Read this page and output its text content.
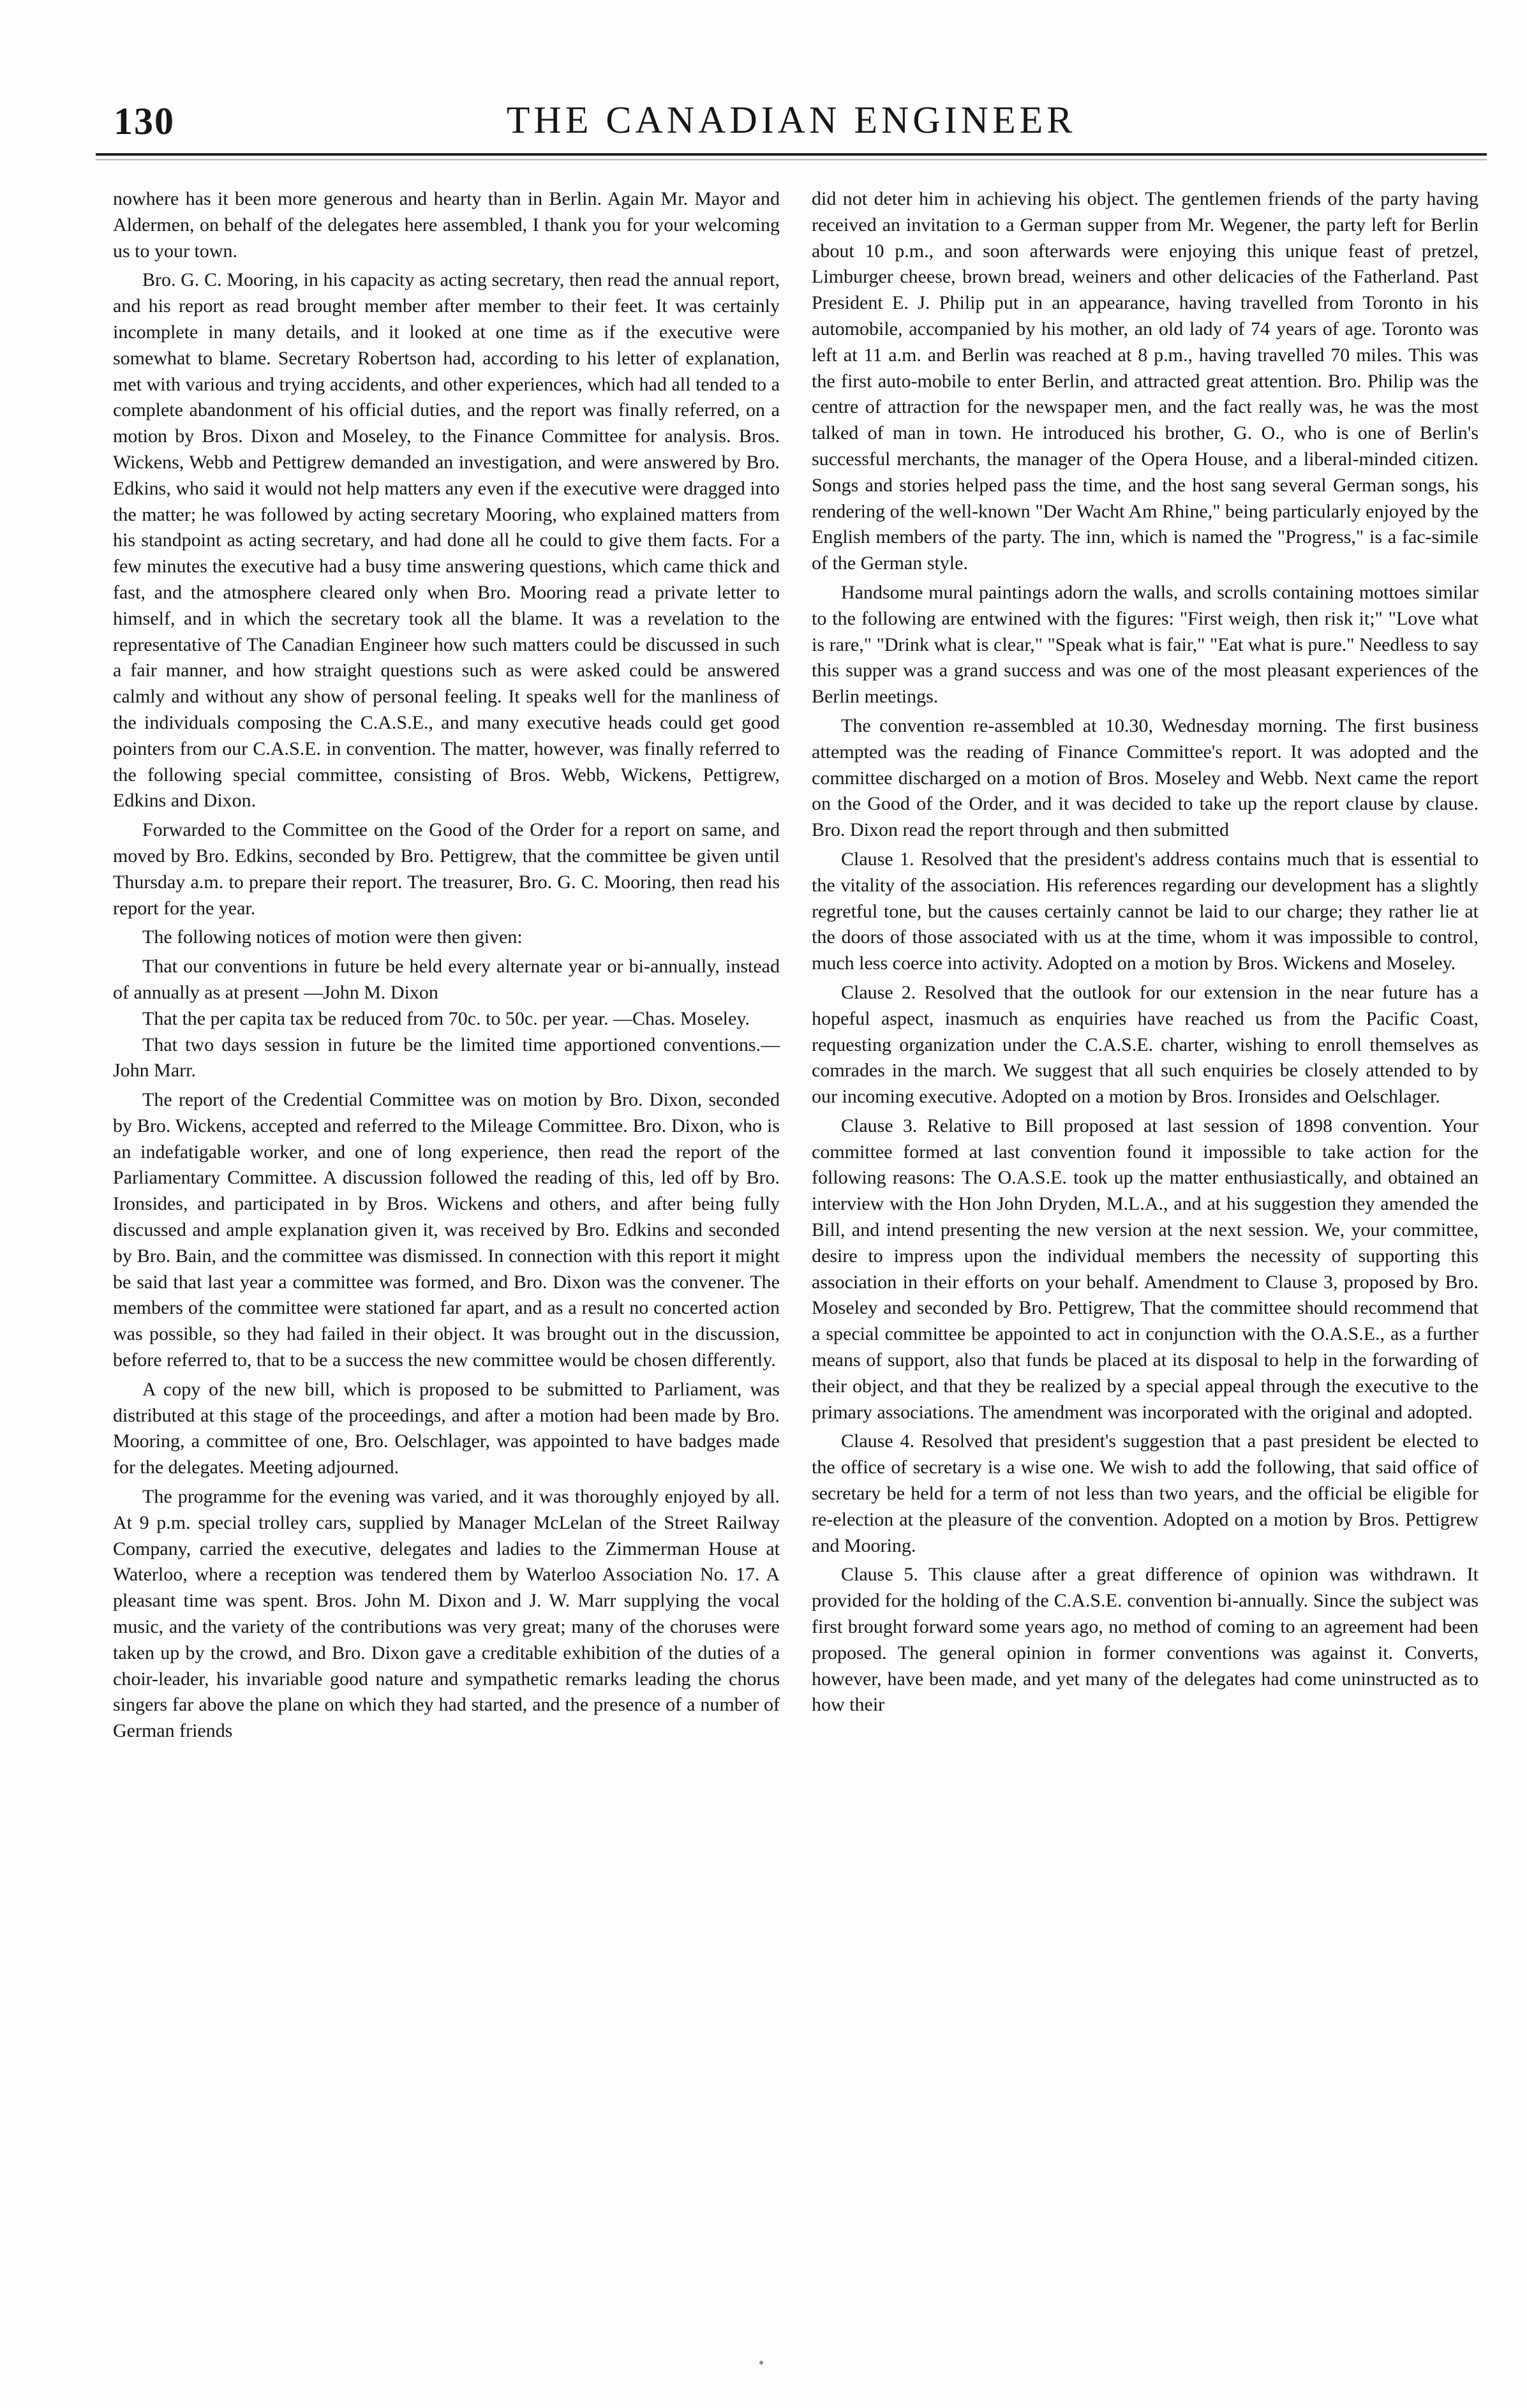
130	THE CANADIAN ENGINEER

nowhere has it been more generous and hearty than in Berlin. Again Mr. Mayor and Aldermen, on behalf of the delegates here assembled, I thank you for your welcoming us to your town.

Bro. G. C. Mooring, in his capacity as acting secretary, then read the annual report, and his report as read brought member after member to their feet. It was certainly incomplete in many details, and it looked at one time as if the executive were somewhat to blame. Secretary Robertson had, according to his letter of explanation, met with various and trying accidents, and other experiences, which had all tended to a complete abandonment of his official duties, and the report was finally referred, on a motion by Bros. Dixon and Moseley, to the Finance Committee for analysis. Bros. Wickens, Webb and Pettigrew demanded an investigation, and were answered by Bro. Edkins, who said it would not help matters any even if the executive were dragged into the matter; he was followed by acting secretary Mooring, who explained matters from his standpoint as acting secretary, and had done all he could to give them facts. For a few minutes the executive had a busy time answering questions, which came thick and fast, and the atmosphere cleared only when Bro. Mooring read a private letter to himself, and in which the secretary took all the blame. It was a revelation to the representative of The Canadian Engineer how such matters could be discussed in such a fair manner, and how straight questions such as were asked could be answered calmly and without any show of personal feeling. It speaks well for the manliness of the individuals composing the C.A.S.E., and many executive heads could get good pointers from our C.A.S.E. in convention. The matter, however, was finally referred to the following special committee, consisting of Bros. Webb, Wickens, Pettigrew, Edkins and Dixon.

Forwarded to the Committee on the Good of the Order for a report on same, and moved by Bro. Edkins, seconded by Bro. Pettigrew, that the committee be given until Thursday a.m. to prepare their report. The treasurer, Bro. G. C. Mooring, then read his report for the year.

The following notices of motion were then given:

That our conventions in future be held every alternate year or bi-annually, instead of annually as at present —John M. Dixon

That the per capita tax be reduced from 70c. to 50c. per year. —Chas. Moseley.

That two days session in future be the limited time apportioned conventions.—John Marr.

The report of the Credential Committee was on motion by Bro. Dixon, seconded by Bro. Wickens, accepted and referred to the Mileage Committee. Bro. Dixon, who is an indefatigable worker, and one of long experience, then read the report of the Parliamentary Committee. A discussion followed the reading of this, led off by Bro. Ironsides, and participated in by Bros. Wickens and others, and after being fully discussed and ample explanation given it, was received by Bro. Edkins and seconded by Bro. Bain, and the committee was dismissed. In connection with this report it might be said that last year a committee was formed, and Bro. Dixon was the convener. The members of the committee were stationed far apart, and as a result no concerted action was possible, so they had failed in their object. It was brought out in the discussion, before referred to, that to be a success the new committee would be chosen differently.

A copy of the new bill, which is proposed to be submitted to Parliament, was distributed at this stage of the proceedings, and after a motion had been made by Bro. Mooring, a committee of one, Bro. Oelschlager, was appointed to have badges made for the delegates. Meeting adjourned.

The programme for the evening was varied, and it was thoroughly enjoyed by all. At 9 p.m. special trolley cars, supplied by Manager McLelan of the Street Railway Company, carried the executive, delegates and ladies to the Zimmerman House at Waterloo, where a reception was tendered them by Waterloo Association No. 17. A pleasant time was spent. Bros. John M. Dixon and J. W. Marr supplying the vocal music, and the variety of the contributions was very great; many of the choruses were taken up by the crowd, and Bro. Dixon gave a creditable exhibition of the duties of a choir-leader, his invariable good nature and sympathetic remarks leading the chorus singers far above the plane on which they had started, and the presence of a number of German friends

did not deter him in achieving his object. The gentlemen friends of the party having received an invitation to a German supper from Mr. Wegener, the party left for Berlin about 10 p.m., and soon afterwards were enjoying this unique feast of pretzel, Limburger cheese, brown bread, weiners and other delicacies of the Fatherland. Past President E. J. Philip put in an appearance, having travelled from Toronto in his automobile, accompanied by his mother, an old lady of 74 years of age. Toronto was left at 11 a.m. and Berlin was reached at 8 p.m., having travelled 70 miles. This was the first auto-mobile to enter Berlin, and attracted great attention. Bro. Philip was the centre of attraction for the newspaper men, and the fact really was, he was the most talked of man in town. He introduced his brother, G. O., who is one of Berlin's successful merchants, the manager of the Opera House, and a liberal-minded citizen. Songs and stories helped pass the time, and the host sang several German songs, his rendering of the well-known "Der Wacht Am Rhine," being particularly enjoyed by the English members of the party. The inn, which is named the "Progress," is a fac-simile of the German style.

Handsome mural paintings adorn the walls, and scrolls containing mottoes similar to the following are entwined with the figures: "First weigh, then risk it;" "Love what is rare," "Drink what is clear," "Speak what is fair," "Eat what is pure." Needless to say this supper was a grand success and was one of the most pleasant experiences of the Berlin meetings.

The convention re-assembled at 10.30, Wednesday morning. The first business attempted was the reading of Finance Committee's report. It was adopted and the committee discharged on a motion of Bros. Moseley and Webb. Next came the report on the Good of the Order, and it was decided to take up the report clause by clause. Bro. Dixon read the report through and then submitted

Clause 1. Resolved that the president's address contains much that is essential to the vitality of the association. His references regarding our development has a slightly regretful tone, but the causes certainly cannot be laid to our charge; they rather lie at the doors of those associated with us at the time, whom it was impossible to control, much less coerce into activity. Adopted on a motion by Bros. Wickens and Moseley.

Clause 2. Resolved that the outlook for our extension in the near future has a hopeful aspect, inasmuch as enquiries have reached us from the Pacific Coast, requesting organization under the C.A.S.E. charter, wishing to enroll themselves as comrades in the march. We suggest that all such enquiries be closely attended to by our incoming executive. Adopted on a motion by Bros. Ironsides and Oelschlager.

Clause 3. Relative to Bill proposed at last session of 1898 convention. Your committee formed at last convention found it impossible to take action for the following reasons: The O.A.S.E. took up the matter enthusiastically, and obtained an interview with the Hon John Dryden, M.L.A., and at his suggestion they amended the Bill, and intend presenting the new version at the next session. We, your committee, desire to impress upon the individual members the necessity of supporting this association in their efforts on your behalf. Amendment to Clause 3, proposed by Bro. Moseley and seconded by Bro. Pettigrew, That the committee should recommend that a special committee be appointed to act in conjunction with the O.A.S.E., as a further means of support, also that funds be placed at its disposal to help in the forwarding of their object, and that they be realized by a special appeal through the executive to the primary associations. The amendment was incorporated with the original and adopted.

Clause 4. Resolved that president's suggestion that a past president be elected to the office of secretary is a wise one. We wish to add the following, that said office of secretary be held for a term of not less than two years, and the official be eligible for re-election at the pleasure of the convention. Adopted on a motion by Bros. Pettigrew and Mooring.

Clause 5. This clause after a great difference of opinion was withdrawn. It provided for the holding of the C.A.S.E. convention bi-annually. Since the subject was first brought forward some years ago, no method of coming to an agreement had been proposed. The general opinion in former conventions was against it. Converts, however, have been made, and yet many of the delegates had come uninstructed as to how their
